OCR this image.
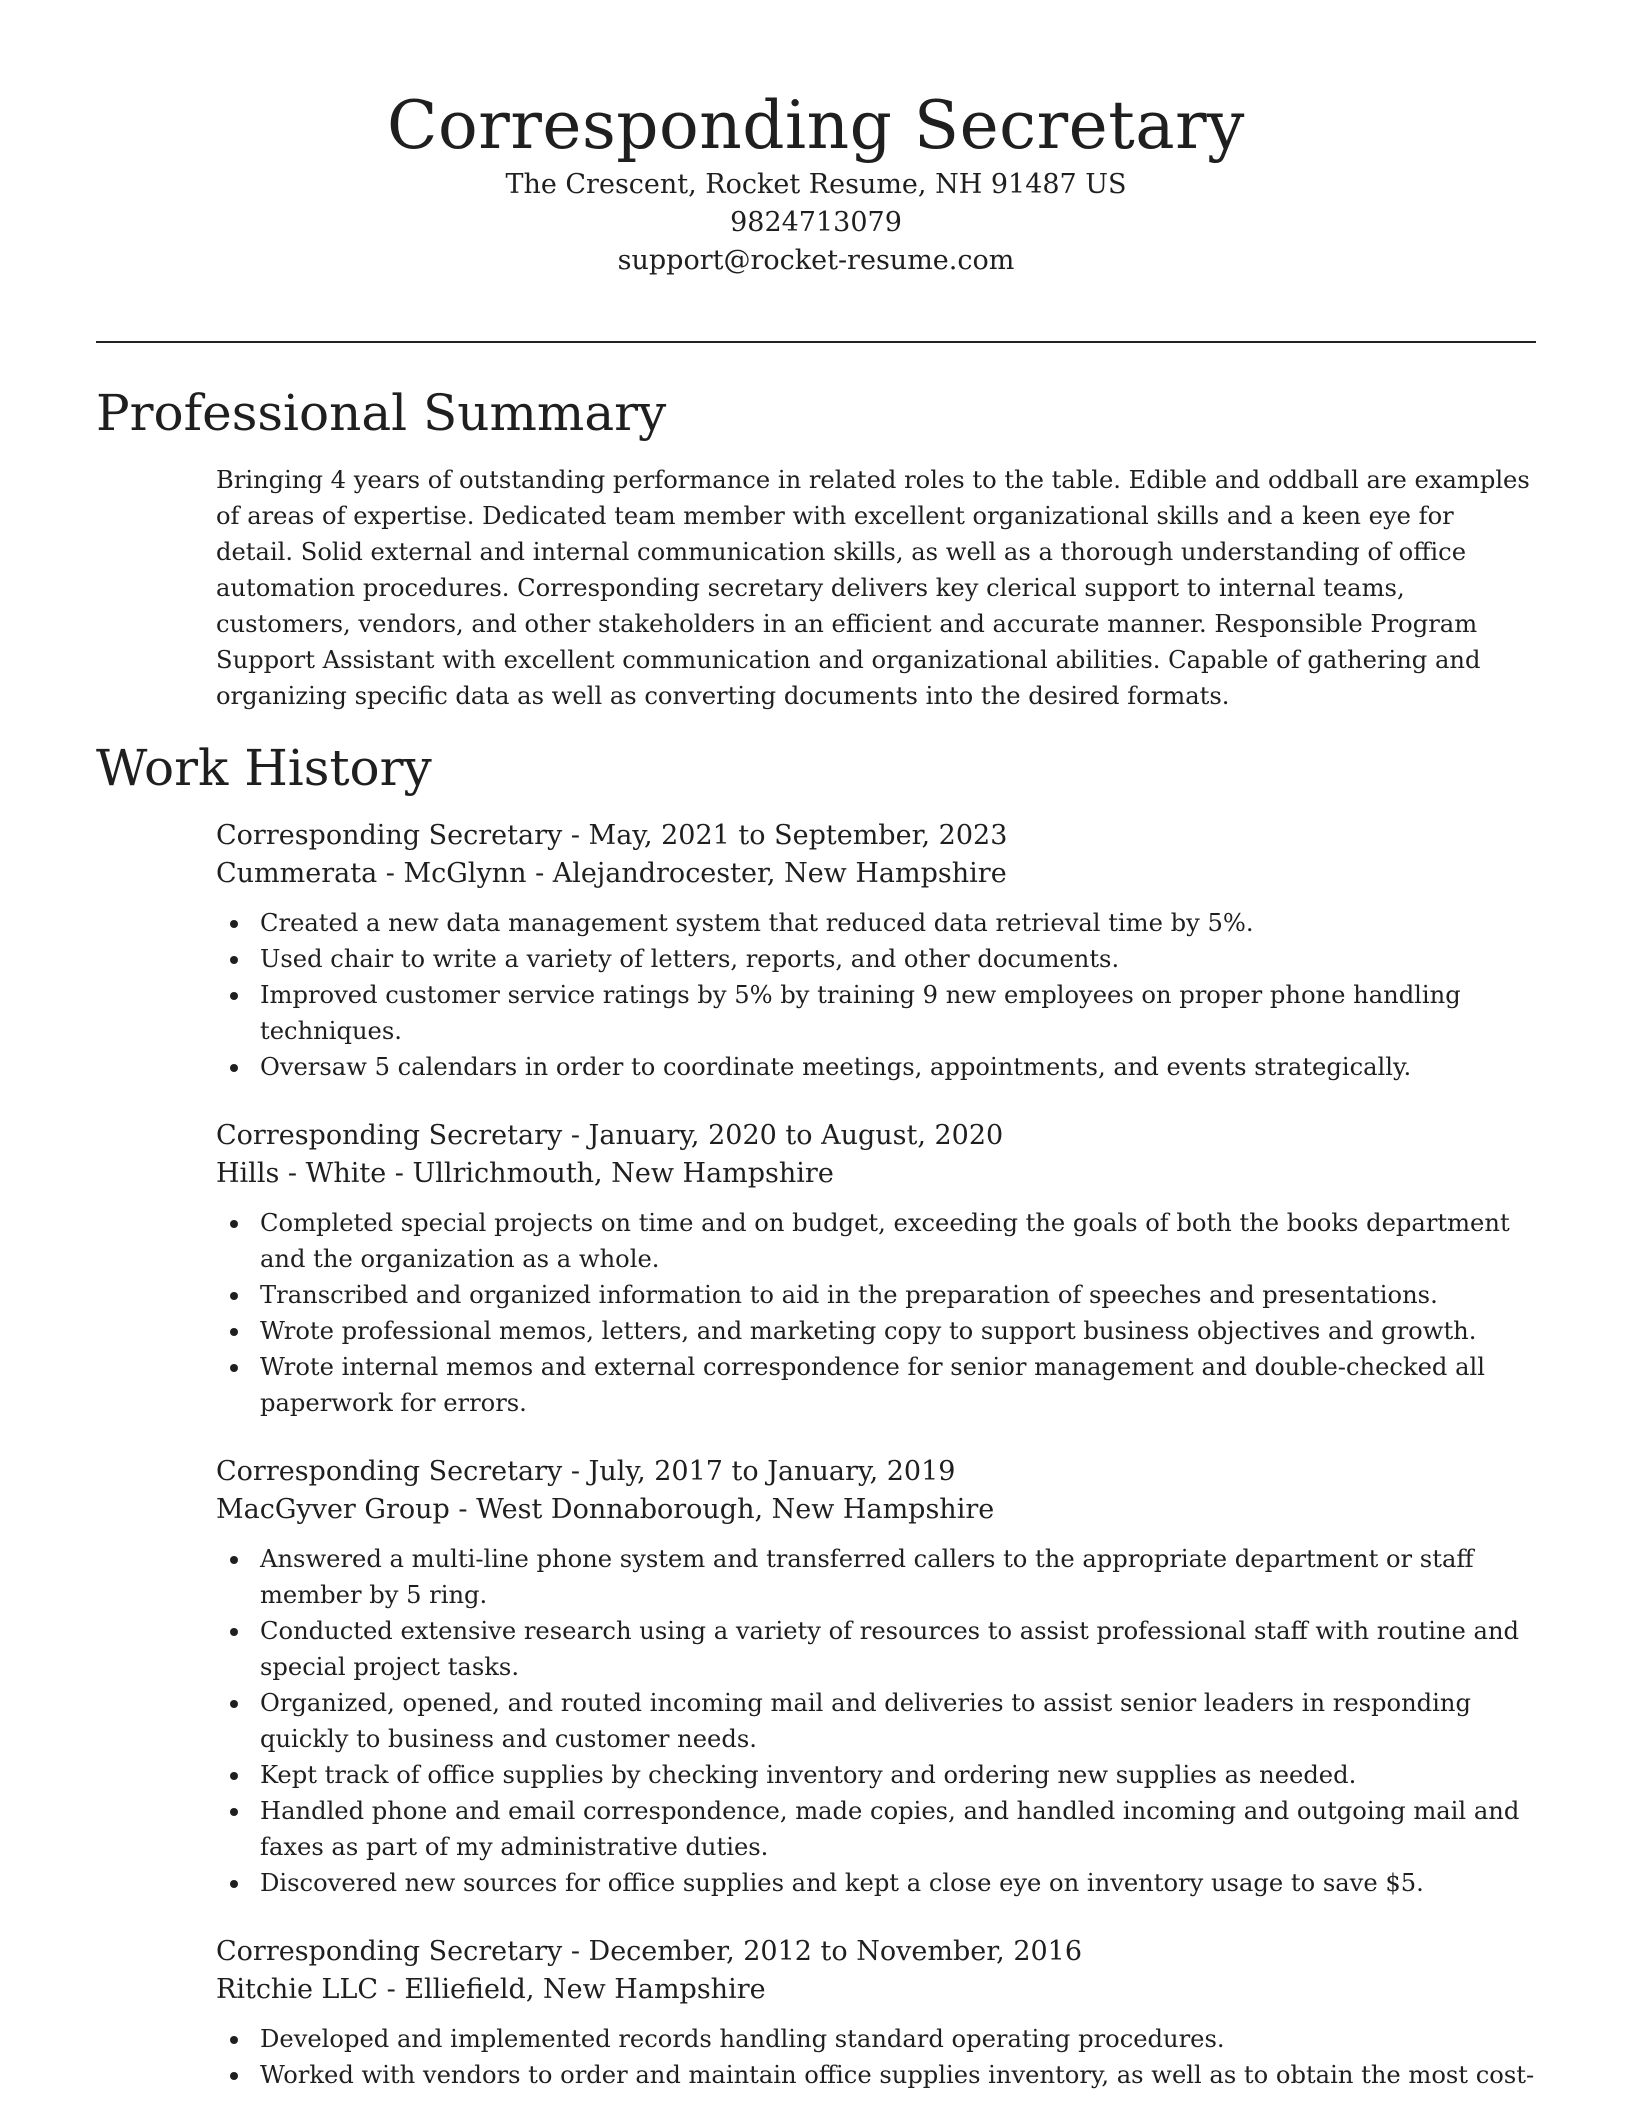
Corresponding Secretary

The Crescent, Rocket Resume, NH 91487 US

9824713079

support@rocket-resume.com

Professional Summary

Bringing 4 years of outstanding performance in related roles to the table. Edible and oddball are examples of areas of expertise. Dedicated team member with excellent organizational skills and a keen eye for detail. Solid external and internal communication skills, as well as a thorough understanding of office automation procedures. Corresponding secretary delivers key clerical support to internal teams, customers, vendors, and other stakeholders in an efficient and accurate manner. Responsible Program Support Assistant with excellent communication and organizational abilities. Capable of gathering and organizing specific data as well as converting documents into the desired formats.

Work History

Corresponding Secretary - May, 2021 to September, 2023

Cummerata - McGlynn - Alejandrocester, New Hampshire

Created a new data management system that reduced data retrieval time by 5%.
Used chair to write a variety of letters, reports, and other documents.
Improved customer service ratings by 5% by training 9 new employees on proper phone handling techniques.
Oversaw 5 calendars in order to coordinate meetings, appointments, and events strategically.

Corresponding Secretary - January, 2020 to August, 2020

Hills - White - Ullrichmouth, New Hampshire

Completed special projects on time and on budget, exceeding the goals of both the books department and the organization as a whole.
Transcribed and organized information to aid in the preparation of speeches and presentations.
Wrote professional memos, letters, and marketing copy to support business objectives and growth.
Wrote internal memos and external correspondence for senior management and double-checked all paperwork for errors.

Corresponding Secretary - July, 2017 to January, 2019

MacGyver Group - West Donnaborough, New Hampshire

Answered a multi-line phone system and transferred callers to the appropriate department or staff member by 5 ring.
Conducted extensive research using a variety of resources to assist professional staff with routine and special project tasks.
Organized, opened, and routed incoming mail and deliveries to assist senior leaders in responding quickly to business and customer needs.
Kept track of office supplies by checking inventory and ordering new supplies as needed.
Handled phone and email correspondence, made copies, and handled incoming and outgoing mail and faxes as part of my administrative duties.
Discovered new sources for office supplies and kept a close eye on inventory usage to save $5.

Corresponding Secretary - December, 2012 to November, 2016

Ritchie LLC - Elliefield, New Hampshire

Developed and implemented records handling standard operating procedures.
Worked with vendors to order and maintain office supplies inventory, as well as to obtain the most cost-
